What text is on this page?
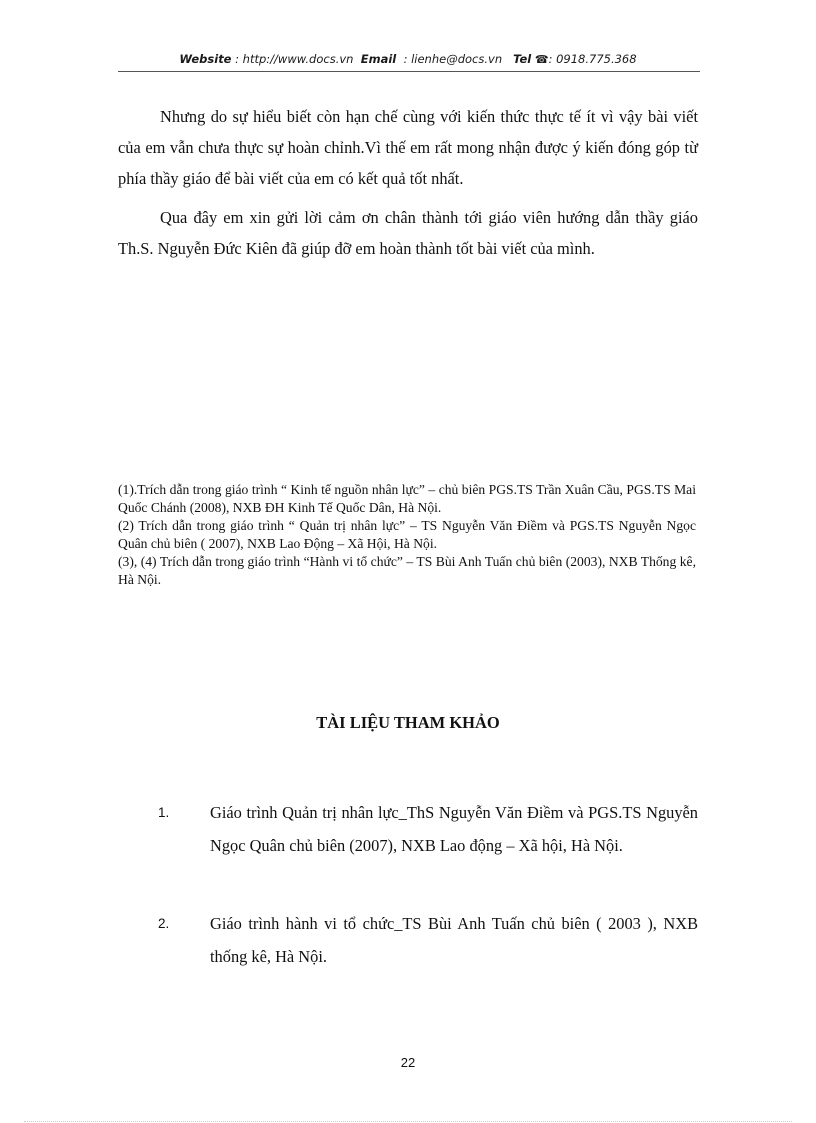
Website : http://www.docs.vn Email : lienhe@docs.vn Tel ☎: 0918.775.368

Nhưng do sự hiểu biết còn hạn chế cùng với kiến thức thực tế ít vì vậy bài viết của em vẫn chưa thực sự hoàn chỉnh.Vì thế em rất mong nhận được ý kiến đóng góp từ phía thầy giáo để bài viết của em có kết quả tốt nhất.

Qua đây em xin gửi lời cảm ơn chân thành tới giáo viên hướng dẫn thầy giáo Th.S. Nguyễn Đức Kiên đã giúp đỡ em hoàn thành tốt bài viết của mình.

(1).Trích dẫn trong giáo trình “ Kinh tế nguồn nhân lực” – chủ biên PGS.TS Trần Xuân Cầu, PGS.TS Mai Quốc Chánh (2008), NXB ĐH Kinh Tế Quốc Dân, Hà Nội.

(2) Trích dẫn trong giáo trình “ Quản trị nhân lực” – TS Nguyễn Văn Điềm và PGS.TS Nguyễn Ngọc Quân chủ biên ( 2007), NXB Lao Động – Xã Hội, Hà Nội.

(3), (4) Trích dẫn trong giáo trình “Hành vi tổ chức” – TS Bùi Anh Tuấn chủ biên (2003), NXB Thống kê, Hà Nội.

TÀI LIỆU THAM KHẢO
1. Giáo trình Quản trị nhân lực_ThS Nguyễn Văn Điềm và PGS.TS Nguyễn Ngọc Quân chủ biên (2007), NXB Lao động – Xã hội, Hà Nội.
2. Giáo trình hành vi tổ chức_TS Bùi Anh Tuấn chủ biên ( 2003 ), NXB thống kê, Hà Nội.
22
